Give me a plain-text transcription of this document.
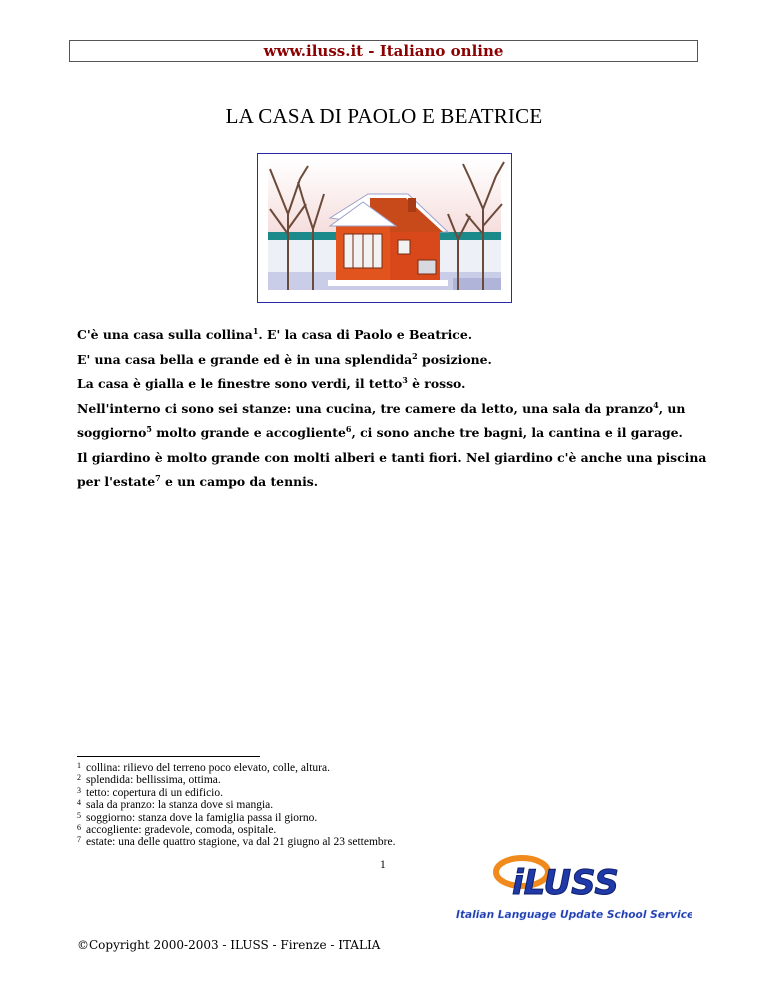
www.iluss.it - Italiano online
LA CASA DI PAOLO E BEATRICE

C'è una casa sulla collina$^1$. E' la casa di Paolo e Beatrice.

E' una casa bella e grande ed è in una splendida$^2$ posizione.

La casa è gialla e le finestre sono verdi, il tetto$^3$ è rosso.

Nell'interno ci sono sei stanze: una cucina, tre camere da letto, una sala da pranzo$^4$, un soggiorno$^5$ molto grande e accogliente$^6$, ci sono anche tre bagni, la cantina e il garage.

Il giardino è molto grande con molti alberi e tanti fiori. Nel giardino c'è anche una piscina per l'estate$^7$ e un campo da tennis.

$^1$ collina: rilievo del terreno poco elevato, colle, altura.
$^2$ splendida: bellissima, ottima.
$^3$ tetto: copertura di un edificio.
$^4$ sala da pranzo: la stanza dove si mangia.
$^5$ soggiorno: stanza dove la famiglia passa il giorno.
$^6$ accogliente: gradevole, comoda, ospitale.
$^7$ estate: una delle quattro stagione, va dal 21 giugno al 23 settembre.
1	iLUSS
Italian Language Update School Service
©Copyright 2000-2003 - ILUSS - Firenze - ITALIA
